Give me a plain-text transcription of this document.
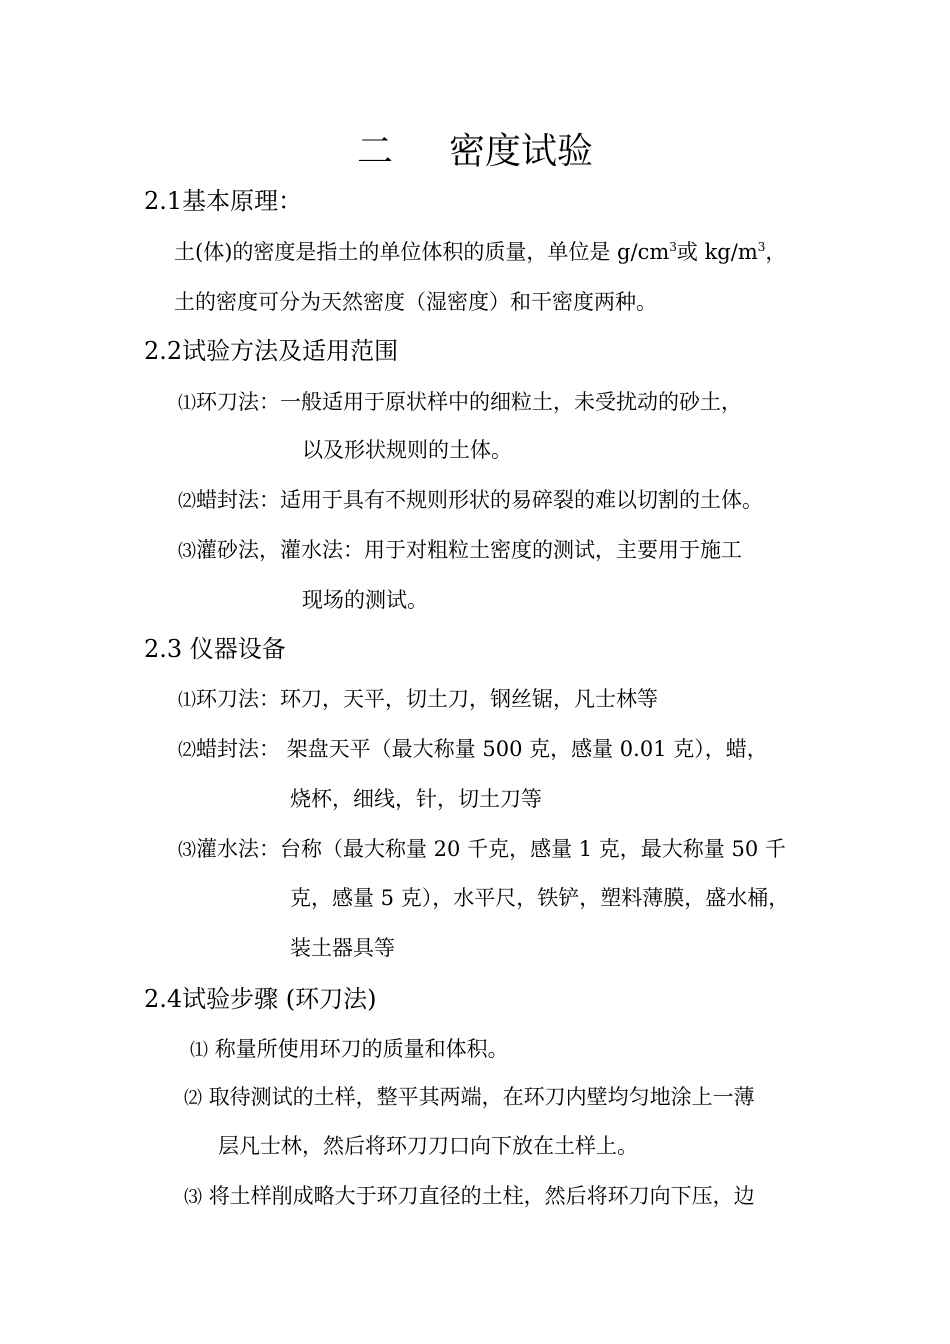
二 密度试验
2.1基本原理：
土(体)的密度是指土的单位体积的质量，单位是 $g/cm^3$或 $kg/m^3$，
土的密度可分为天然密度（湿密度）和干密度两种。
2.2试验方法及适用范围
⑴环刀法：一般适用于原状样中的细粒土，未受扰动的砂土，
以及形状规则的土体。
⑵蜡封法：适用于具有不规则形状的易碎裂的难以切割的土体。
⑶灌砂法，灌水法：用于对粗粒土密度的测试，主要用于施工
现场的测试。
2.3 仪器设备
⑴环刀法：环刀，天平，切土刀，钢丝锯，凡士林等
⑵蜡封法： 架盘天平（最大称量 500 克，感量 0.01 克），蜡，
烧杯，细线，针，切土刀等
⑶灌水法：台称（最大称量 20 千克，感量 1 克，最大称量 50 千
克，感量 5 克），水平尺，铁铲，塑料薄膜，盛水桶，
装土器具等
2.4试验步骤 (环刀法)
⑴ 称量所使用环刀的质量和体积。
⑵ 取待测试的土样，整平其两端，在环刀内壁均匀地涂上一薄
层凡士林，然后将环刀刀口向下放在土样上。
⑶ 将土样削成略大于环刀直径的土柱，然后将环刀向下压，边
